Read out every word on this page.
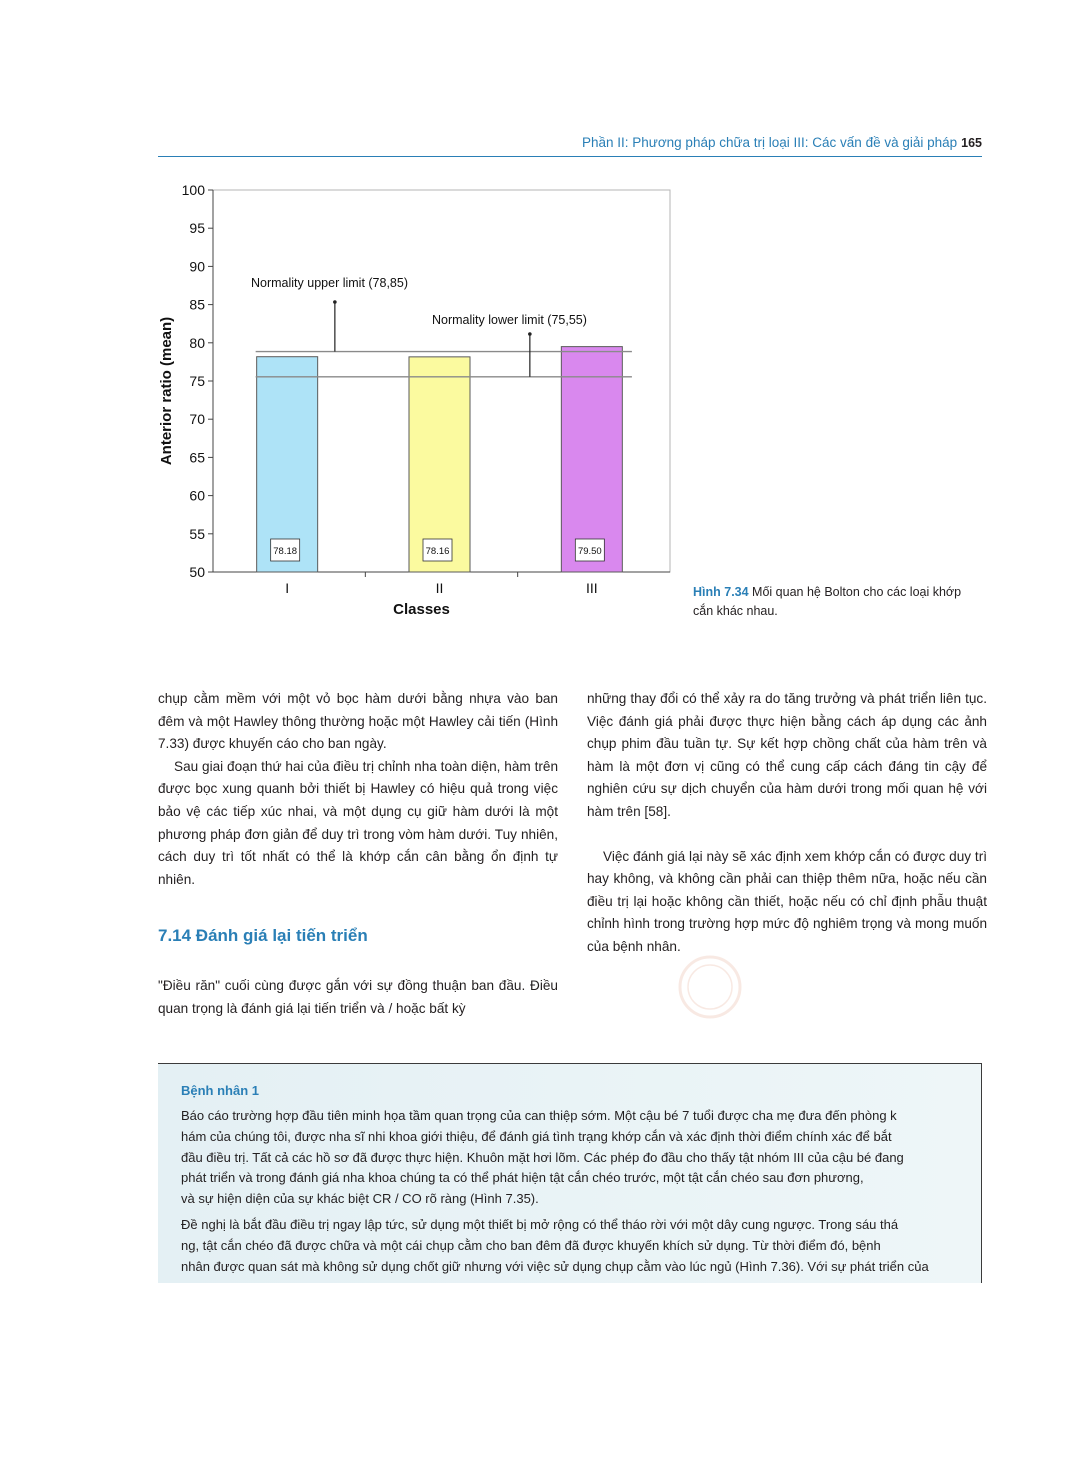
Phần II: Phương pháp chữa trị loại III: Các vấn đề và giải pháp 165
50
55
60
65
70
75
80
85
90
95
100
78.18
I
78.16
II
79.50
III
Normality upper limit (78,85)
Normality lower limit (75,55)
Classes
Anterior ratio (mean)
Hình 7.34 Mối quan hệ Bolton cho các loại khớp cắn khác nhau.

chụp cằm mềm với một vỏ bọc hàm dưới bằng nhựa vào ban đêm và một Hawley thông thường hoặc một Hawley cải tiến (Hình 7.33) được khuyến cáo cho ban ngày.

Sau giai đoạn thứ hai của điều trị chỉnh nha toàn diện, hàm trên được bọc xung quanh bởi thiết bị Hawley có hiệu quả trong việc bảo vệ các tiếp xúc nhai, và một dụng cụ giữ hàm dưới là một phương pháp đơn giản để duy trì trong vòm hàm dưới. Tuy nhiên, cách duy trì tốt nhất có thể là khớp cắn cân bằng ổn định tự nhiên.

7.14 Đánh giá lại tiến triển

"Điều răn" cuối cùng được gắn với sự đồng thuận ban đầu. Điều quan trọng là đánh giá lại tiến triển và / hoặc bất kỳ

những thay đổi có thể xảy ra do tăng trưởng và phát triển liên tục. Việc đánh giá phải được thực hiện bằng cách áp dụng các ảnh chụp phim đầu tuần tự. Sự kết hợp chồng chất của hàm trên và hàm là một đơn vị cũng có thể cung cấp cách đáng tin cậy để nghiên cứu sự dịch chuyển của hàm dưới trong mối quan hệ với hàm trên [58].

Việc đánh giá lại này sẽ xác định xem khớp cắn có được duy trì hay không, và không cần phải can thiệp thêm nữa, hoặc nếu cần điều trị lại hoặc không cần thiết, hoặc nếu có chỉ định phẫu thuật chỉnh hình trong trường hợp mức độ nghiêm trọng và mong muốn của bệnh nhân.

Bệnh nhân 1

Báo cáo trường hợp đầu tiên minh họa tầm quan trọng của can thiệp sớm. Một cậu bé 7 tuổi được cha mẹ đưa đến phòng k
hám của chúng tôi, được nha sĩ nhi khoa giới thiệu, để đánh giá tình trạng khớp cắn và xác định thời điểm chính xác để bắt
đầu điều trị. Tất cả các hồ sơ đã được thực hiện. Khuôn mặt hơi lõm. Các phép đo đầu cho thấy tật nhóm III của cậu bé đang
phát triển và trong đánh giá nha khoa chúng ta có thể phát hiện tật cắn chéo trước, một tật cắn chéo sau đơn phương,
và sự hiện diện của sự khác biệt CR / CO rõ ràng (Hình 7.35).

Đề nghị là bắt đầu điều trị ngay lập tức, sử dụng một thiết bị mở rộng có thể tháo rời với một dây cung ngược. Trong sáu thá
ng, tật cắn chéo đã được chữa và một cái chụp cằm cho ban đêm đã được khuyến khích sử dụng. Từ thời điểm đó, bệnh
nhân được quan sát mà không sử dụng chốt giữ nhưng với việc sử dụng chụp cằm vào lúc ngủ (Hình 7.36). Với sự phát triển của
